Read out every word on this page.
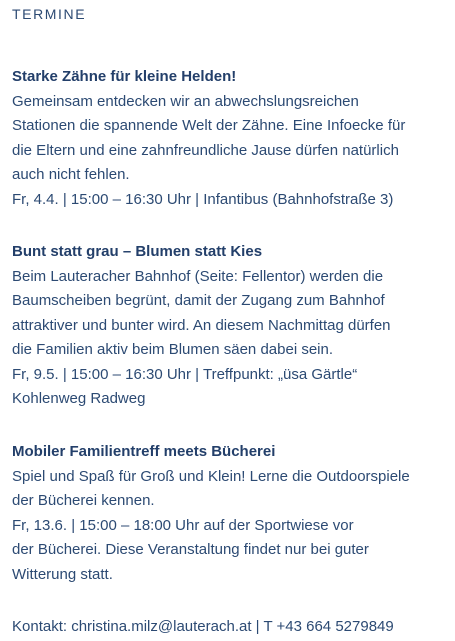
TERMINE
Starke Zähne für kleine Helden!
Gemeinsam entdecken wir an abwechslungsreichen
Stationen die spannende Welt der Zähne. Eine Infoecke für
die Eltern und eine zahnfreundliche Jause dürfen natürlich
auch nicht fehlen.
Fr, 4.4. | 15:00 – 16:30 Uhr | Infantibus (Bahnhofstraße 3)
Bunt statt grau – Blumen statt Kies
Beim Lauteracher Bahnhof (Seite: Fellentor) werden die
Baumscheiben begrünt, damit der Zugang zum Bahnhof
attraktiver und bunter wird. An diesem Nachmittag dürfen
die Familien aktiv beim Blumen säen dabei sein.
Fr, 9.5. | 15:00 – 16:30 Uhr | Treffpunkt: „üsa Gärtle“
Kohlenweg Radweg
Mobiler Familientreff meets Bücherei
Spiel und Spaß für Groß und Klein! Lerne die Outdoorspiele
der Bücherei kennen.
Fr, 13.6. | 15:00 – 18:00 Uhr auf der Sportwiese vor
der Bücherei. Diese Veranstaltung findet nur bei guter
Witterung statt.
Kontakt: christina.milz@lauterach.at | T +43 664 5279849
